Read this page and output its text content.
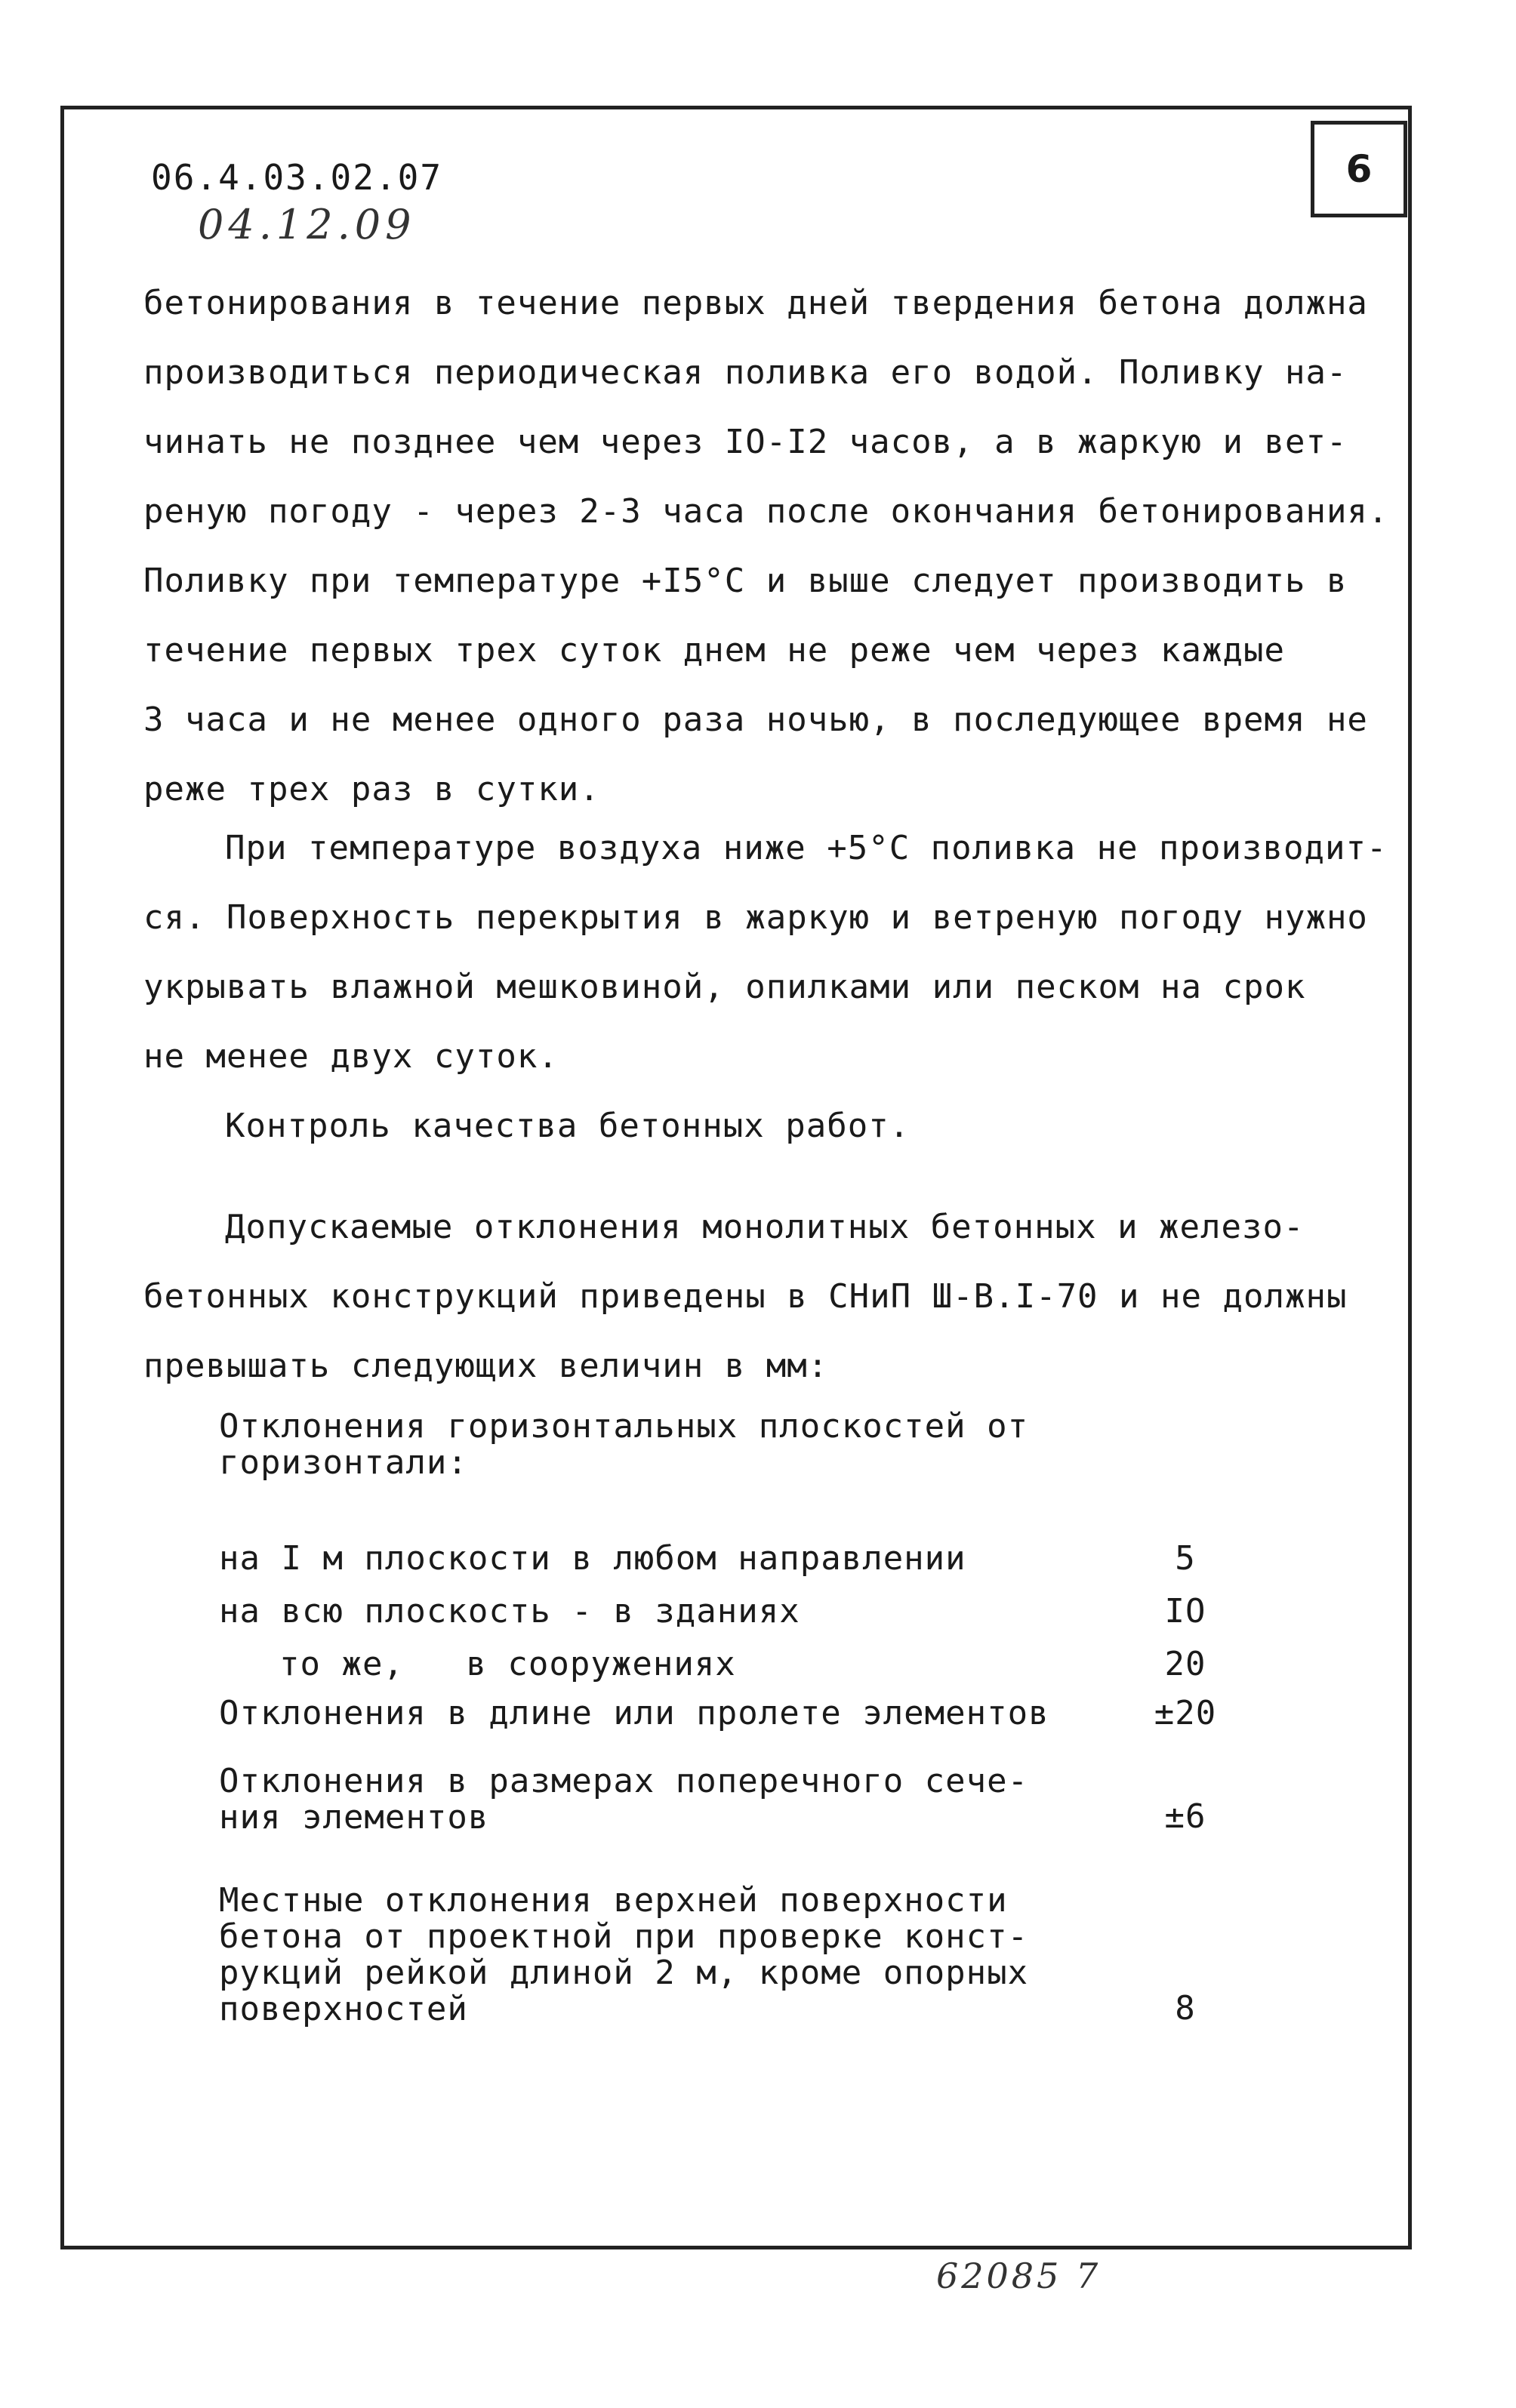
6
06.4.03.02.07
04.12.09
бетонирования в течение первых дней твердения бетона должна
производиться периодическая поливка его водой. Поливку на-
чинать не позднее чем через IO-I2 часов, а в жаркую и вет-
реную погоду - через 2-3 часа после окончания бетонирования.
Поливку при температуре +I5°C и выше следует производить в
течение первых трех суток днем не реже чем через каждые
3 часа и не менее одного раза ночью, в последующее время не
реже трех раз в сутки.
При температуре воздуха ниже +5°C поливка не производит-
ся. Поверхность перекрытия в жаркую и ветреную погоду нужно
укрывать влажной мешковиной, опилками или песком на срок
не менее двух суток.
Контроль качества бетонных работ.
Допускаемые отклонения монолитных бетонных и железо-
бетонных конструкций приведены в СНиП Ш-В.I-70 и не должны
превышать следующих величин в мм:
Отклонения горизонтальных плоскостей от
горизонтали:
на I м плоскости в любом направлении	5
на всю плоскость - в зданиях	IO
то же,   в сооружениях	20
Отклонения в длине или пролете элементов	±20
Отклонения в размерах поперечного сече-
ния элементов	±6
Местные отклонения верхней поверхности
бетона от проектной при проверке конст-
рукций рейкой длиной 2 м, кроме опорных
поверхностей	8
62085 7
